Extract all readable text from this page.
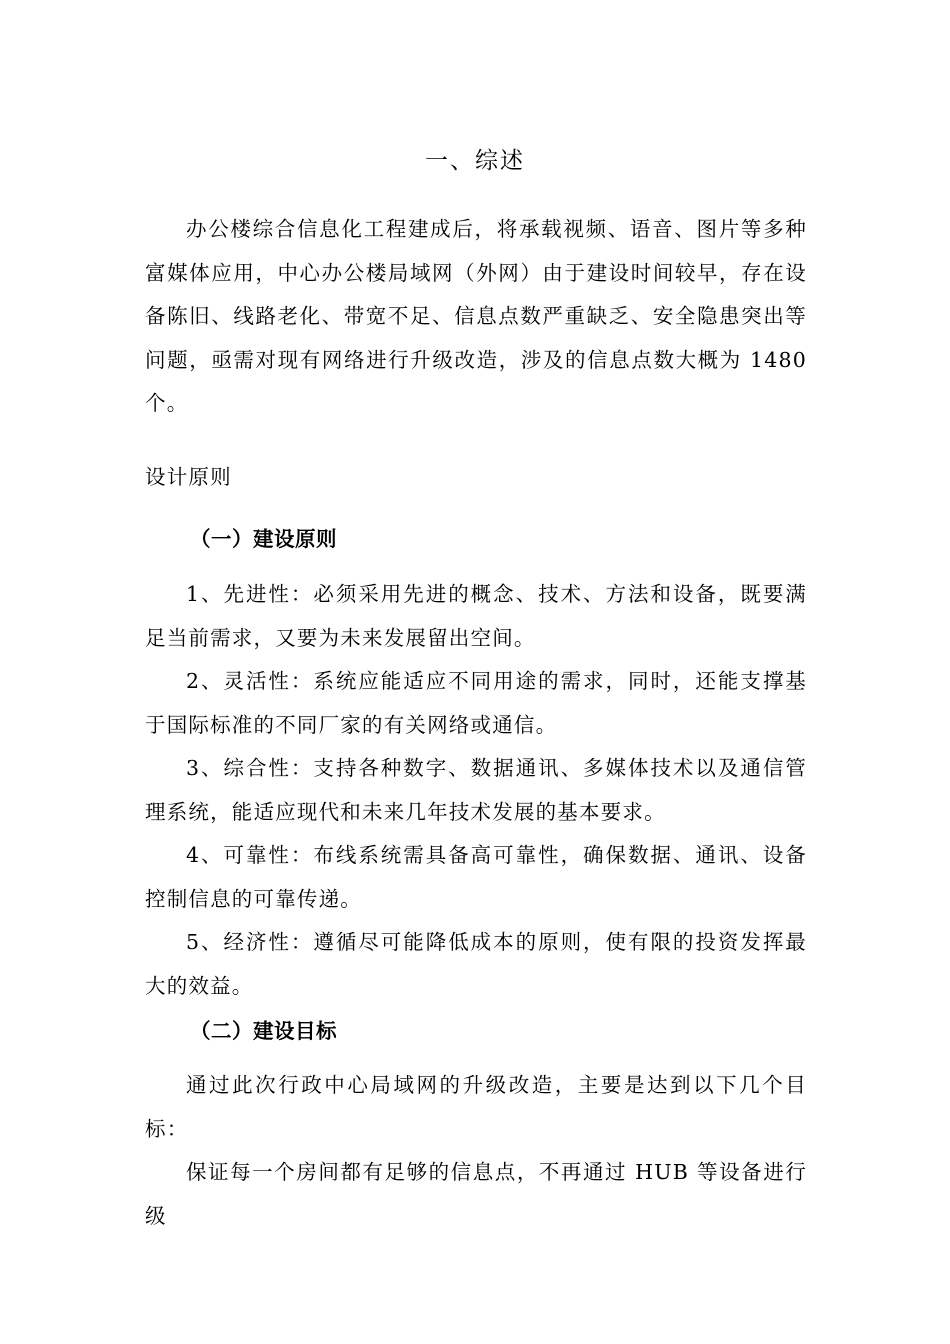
一、综述

办公楼综合信息化工程建成后，将承载视频、语音、图片等多种富媒体应用，中心办公楼局域网（外网）由于建设时间较早，存在设备陈旧、线路老化、带宽不足、信息点数严重缺乏、安全隐患突出等问题，亟需对现有网络进行升级改造，涉及的信息点数大概为 1480 个。

设计原则

（一）建设原则

1、先进性：必须采用先进的概念、技术、方法和设备，既要满足当前需求，又要为未来发展留出空间。

2、灵活性：系统应能适应不同用途的需求，同时，还能支撑基于国际标准的不同厂家的有关网络或通信。

3、综合性：支持各种数字、数据通讯、多媒体技术以及通信管理系统，能适应现代和未来几年技术发展的基本要求。

4、可靠性：布线系统需具备高可靠性，确保数据、通讯、设备控制信息的可靠传递。

5、经济性：遵循尽可能降低成本的原则，使有限的投资发挥最大的效益。

（二）建设目标

通过此次行政中心局域网的升级改造，主要是达到以下几个目标：

保证每一个房间都有足够的信息点，不再通过 HUB 等设备进行级
